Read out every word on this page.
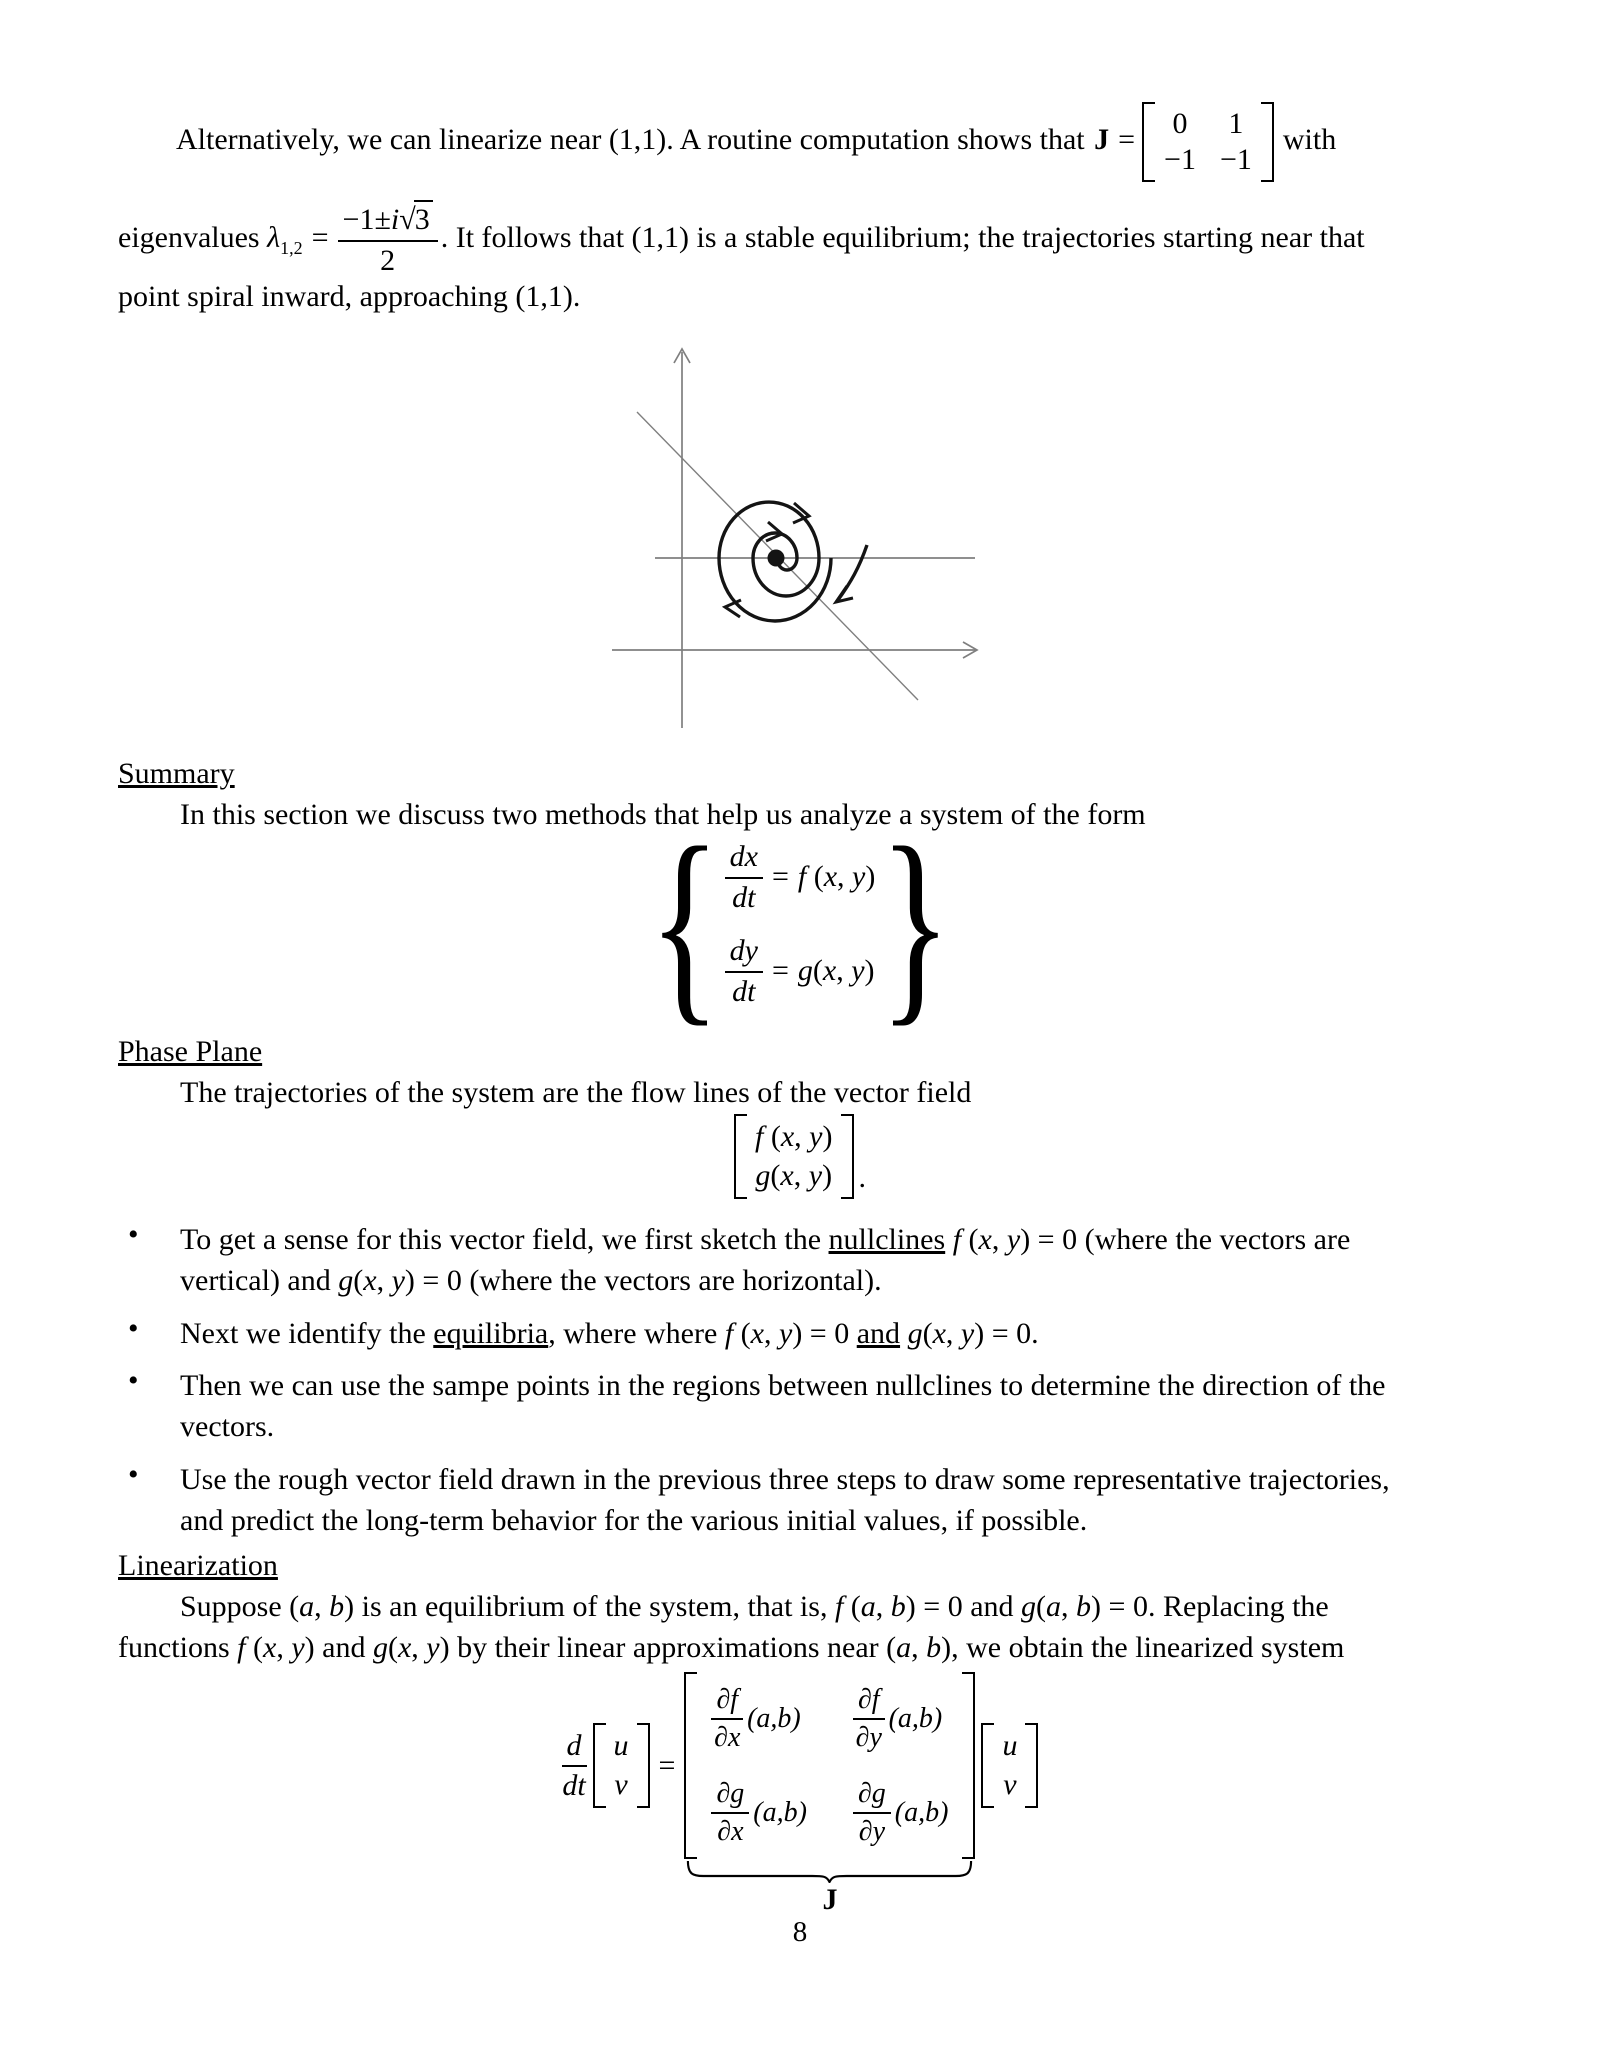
Alternatively, we can linearize near (1,1). A routine computation shows that J = 0 1
−1 −1
with
eigenvalues $\lambda_{1,2} = \frac{-1\pm i√3}{2}$ . It follows that (1,1) is a stable equilibrium; the trajectories starting near that
point spiral inward, approaching (1,1).
Summary
In this section we discuss two methods that help us analyze a system of the form
{ $\frac{dx}{dt} = f$ (x, y)
$\frac{dy}{dt} = g(x$, y) }
Phase Plane
The trajectories of the system are the flow lines of the vector field
f (x, y)
g(x, y) .
• To get a sense for this vector field, we first sketch the nullclines f (x, y) = 0 (where the vectors are
vertical) and g(x, y) = 0 (where the vectors are horizontal).
• Next we identify the equilibria, where where f (x, y) = 0 and g(x, y) = 0.
• Then we can use the sampe points in the regions between nullclines to determine the direction of the
vectors.
• Use the rough vector field drawn in the previous three steps to draw some representative trajectories,
and predict the long-term behavior for the various initial values, if possible.
Linearization
Suppose (a, b) is an equilibrium of the system, that is, f (a, b) = 0 and g(a, b) = 0. Replacing the
functions f (x, y) and g(x, y) by their linear approximations near (a, b), we obtain the linearized system
$\frac{d}{dt}$ u
v
=
$\frac{\partial f}{\partial x} (a,b) \frac{\partial f}{\partial y} (a,b)$
$\frac{\partial g}{\partial x} (a,b) \frac{\partial g}{\partial y} (a,b)$
J
u
v
8
